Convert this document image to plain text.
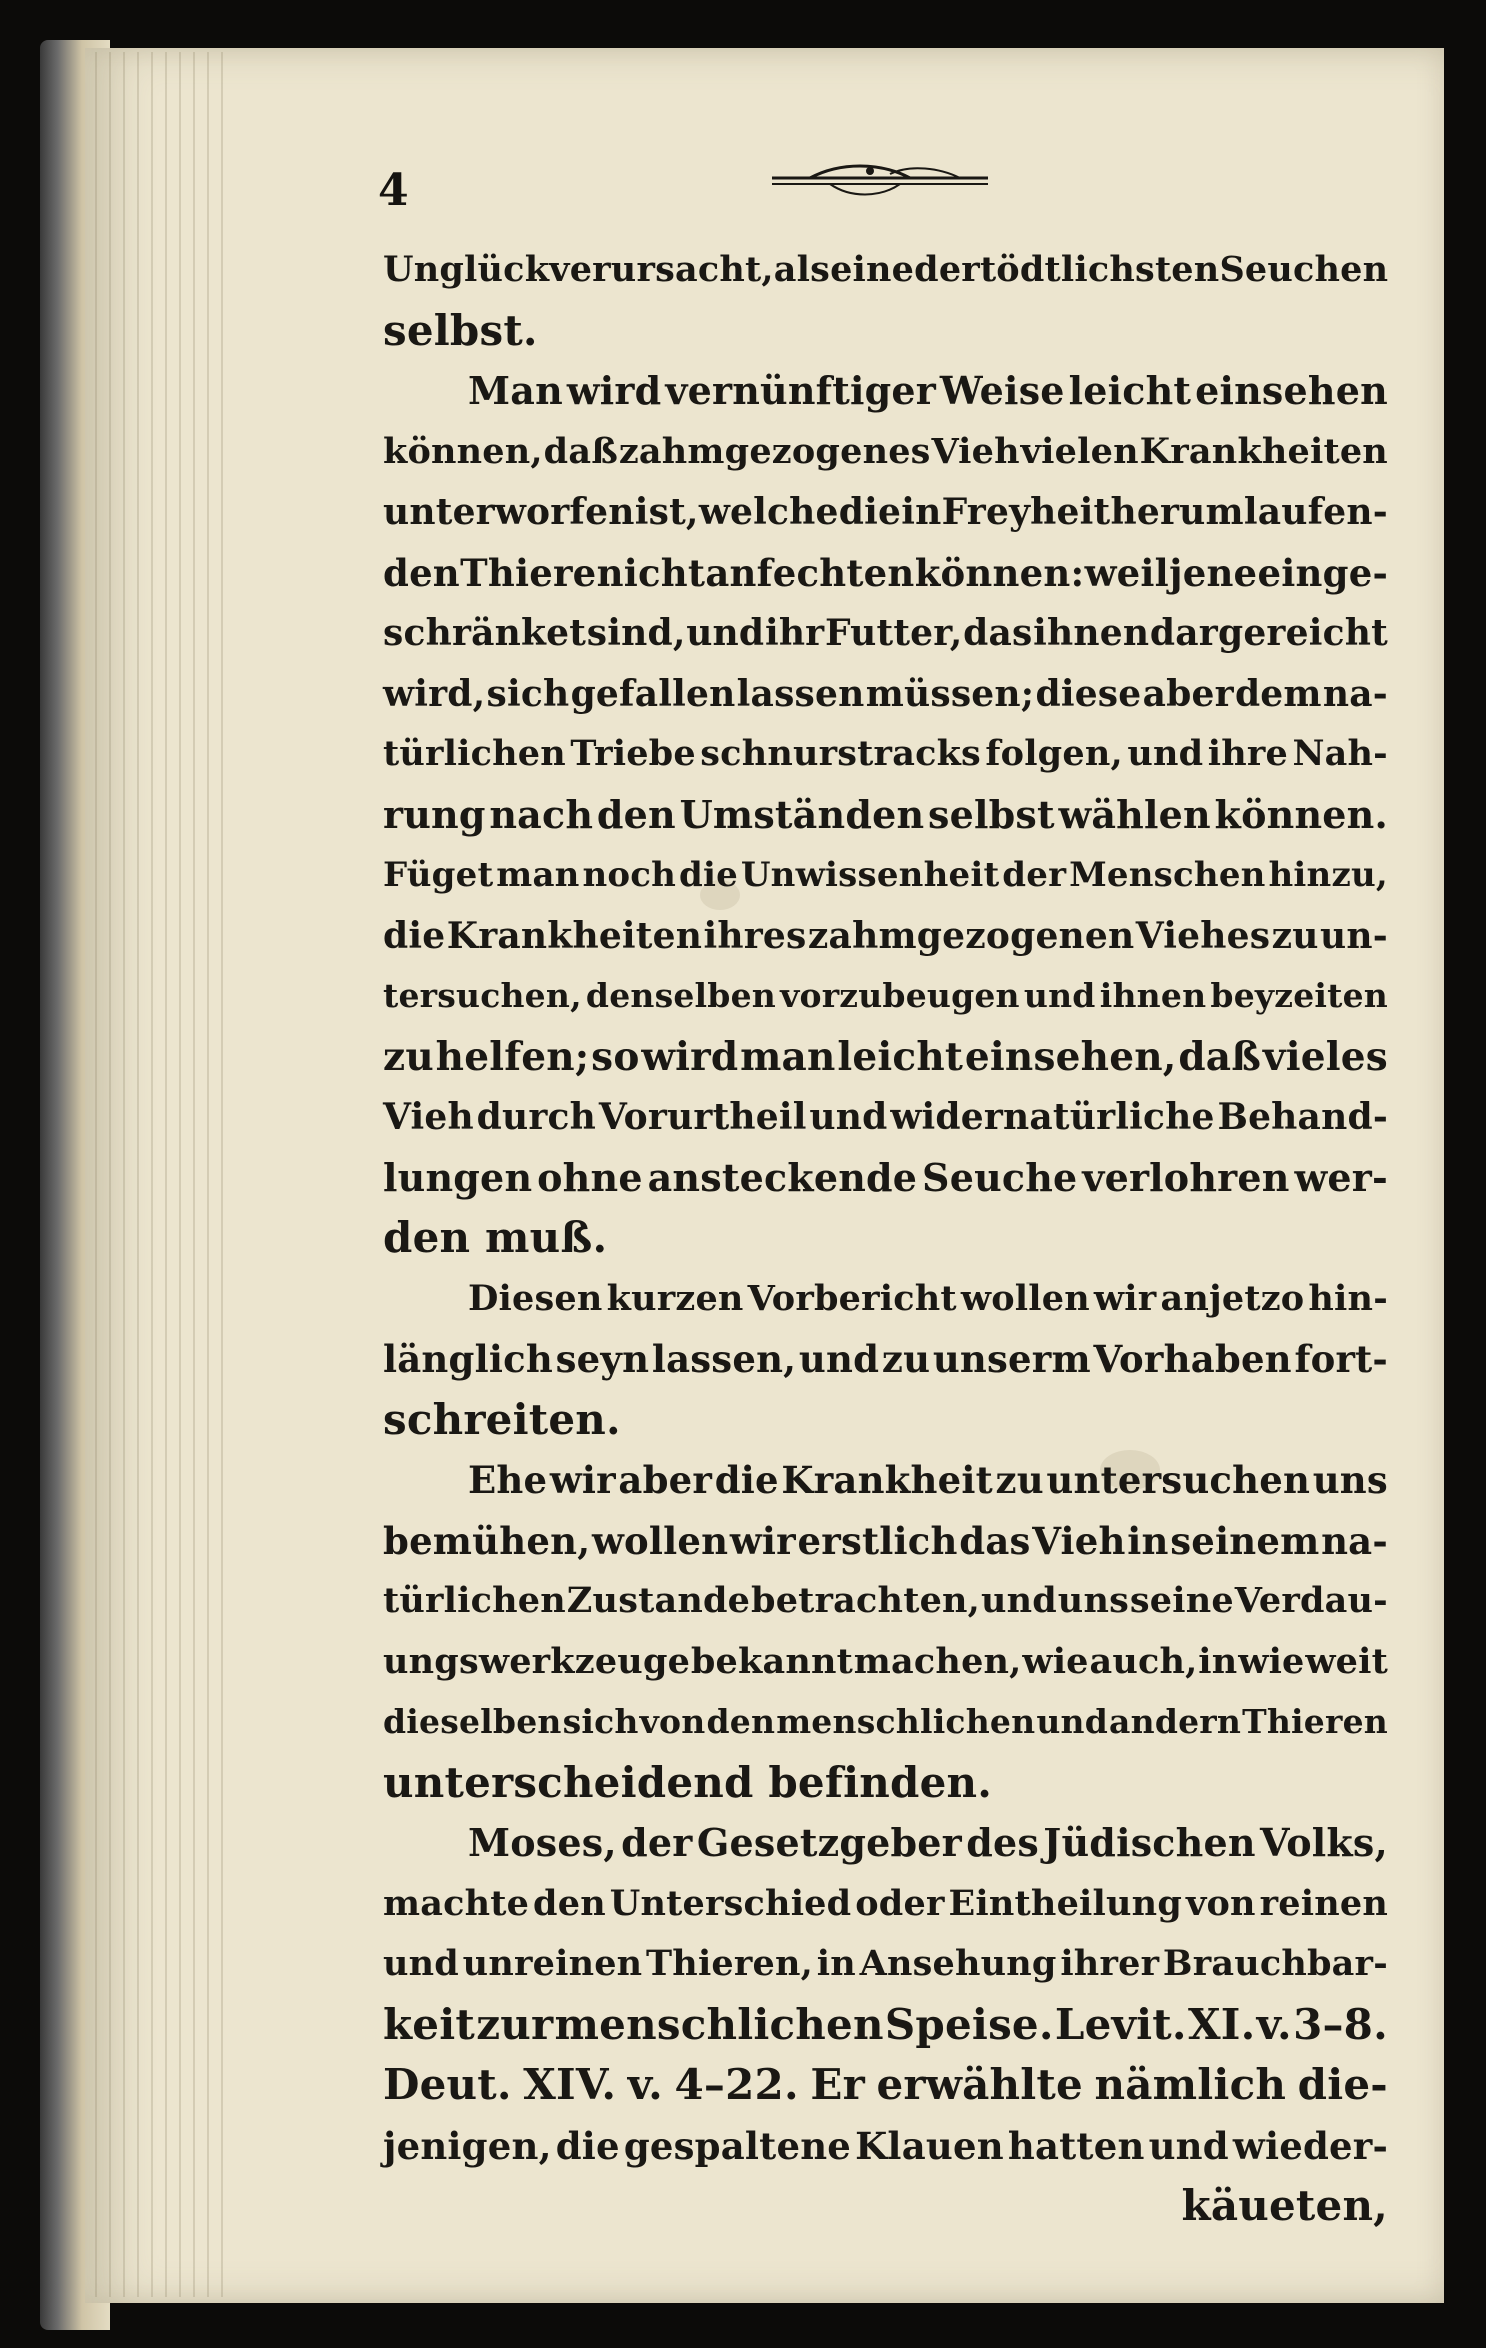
4
Unglück verursacht, als eine der tödtlichsten Seuchen
selbst.
Man wird vernünftiger Weise leicht einsehen
können, daß zahmgezogenes Vieh vielen Krankheiten
unterworfen ist, welche die in Freyheit herumlaufen-
den Thiere nicht anfechten können: weil jene einge-
schränket sind, und ihr Futter, das ihnen dargereicht
wird, sich gefallen lassen müssen; diese aber dem na-
türlichen Triebe schnurstracks folgen, und ihre Nah-
rung nach den Umständen selbst wählen können.
Füget man noch die Unwissenheit der Menschen hinzu,
die Krankheiten ihres zahmgezogenen Viehes zu un-
tersuchen, denselben vorzubeugen und ihnen beyzeiten
zu helfen; so wird man leicht einsehen, daß vieles
Vieh durch Vorurtheil und widernatürliche Behand-
lungen ohne ansteckende Seuche verlohren wer-
den muß.
Diesen kurzen Vorbericht wollen wir anjetzo hin-
länglich seyn lassen, und zu unserm Vorhaben fort-
schreiten.
Ehe wir aber die Krankheit zu untersuchen uns
bemühen, wollen wir erstlich das Vieh in seinem na-
türlichen Zustande betrachten, und uns seine Verdau-
ungswerkzeuge bekannt machen, wie auch, in wie weit
dieselben sich von den menschlichen und andern Thieren
unterscheidend befinden.
Moses, der Gesetzgeber des Jüdischen Volks,
machte den Unterschied oder Eintheilung von reinen
und unreinen Thieren, in Ansehung ihrer Brauchbar-
keit zur menschlichen Speise. Levit. XI. v. 3–8.
Deut. XIV. v. 4–22. Er erwählte nämlich die-
jenigen, die gespaltene Klauen hatten und wieder-
käueten,
